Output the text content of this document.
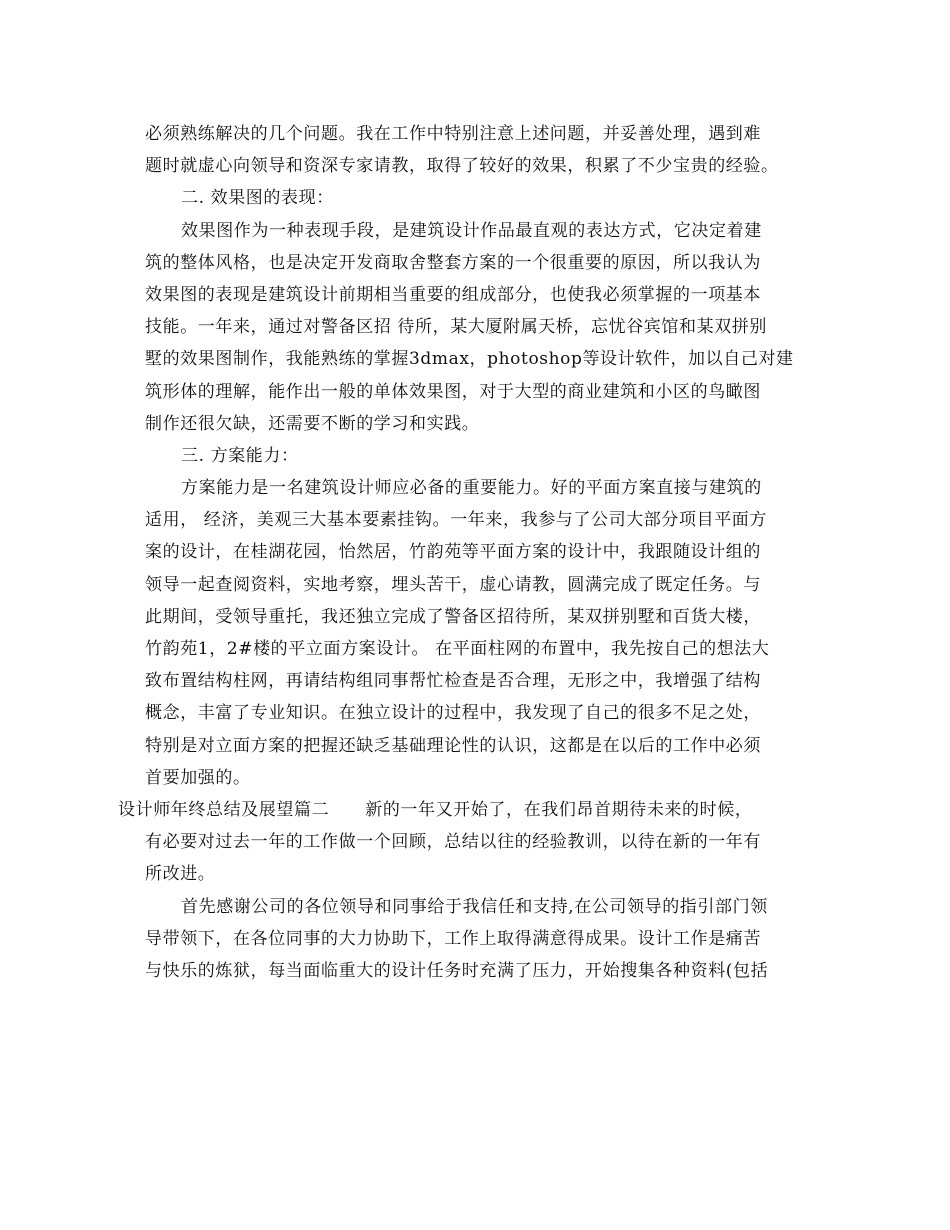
必须熟练解决的几个问题。我在工作中特别注意上述问题，并妥善处理，遇到难
题时就虚心向领导和资深专家请教，取得了较好的效果，积累了不少宝贵的经验。
二. 效果图的表现：
效果图作为一种表现手段，是建筑设计作品最直观的表达方式，它决定着建
筑的整体风格，也是决定开发商取舍整套方案的一个很重要的原因，所以我认为
效果图的表现是建筑设计前期相当重要的组成部分，也使我必须掌握的一项基本
技能。一年来，通过对警备区招 待所，某大厦附属天桥，忘忧谷宾馆和某双拼别
墅的效果图制作，我能熟练的掌握3dmax，photoshop等设计软件，加以自己对建
筑形体的理解，能作出一般的单体效果图，对于大型的商业建筑和小区的鸟瞰图
制作还很欠缺，还需要不断的学习和实践。
三. 方案能力：
方案能力是一名建筑设计师应必备的重要能力。好的平面方案直接与建筑的
适用， 经济，美观三大基本要素挂钩。一年来，我参与了公司大部分项目平面方
案的设计，在桂湖花园，怡然居，竹韵苑等平面方案的设计中，我跟随设计组的
领导一起查阅资料，实地考察，埋头苦干，虚心请教，圆满完成了既定任务。与
此期间，受领导重托，我还独立完成了警备区招待所，某双拼别墅和百货大楼，
竹韵苑1，2#楼的平立面方案设计。 在平面柱网的布置中，我先按自己的想法大
致布置结构柱网，再请结构组同事帮忙检查是否合理，无形之中，我增强了结构
概念，丰富了专业知识。在独立设计的过程中，我发现了自己的很多不足之处，
特别是对立面方案的把握还缺乏基础理论性的认识，这都是在以后的工作中必须
首要加强的。
设计师年终总结及展望篇二      新的一年又开始了，在我们昂首期待未来的时候，
有必要对过去一年的工作做一个回顾，总结以往的经验教训，以待在新的一年有
所改进。
首先感谢公司的各位领导和同事给于我信任和支持,在公司领导的指引部门领
导带领下，在各位同事的大力协助下，工作上取得满意得成果。设计工作是痛苦
与快乐的炼狱，每当面临重大的设计任务时充满了压力，开始搜集各种资料(包括
